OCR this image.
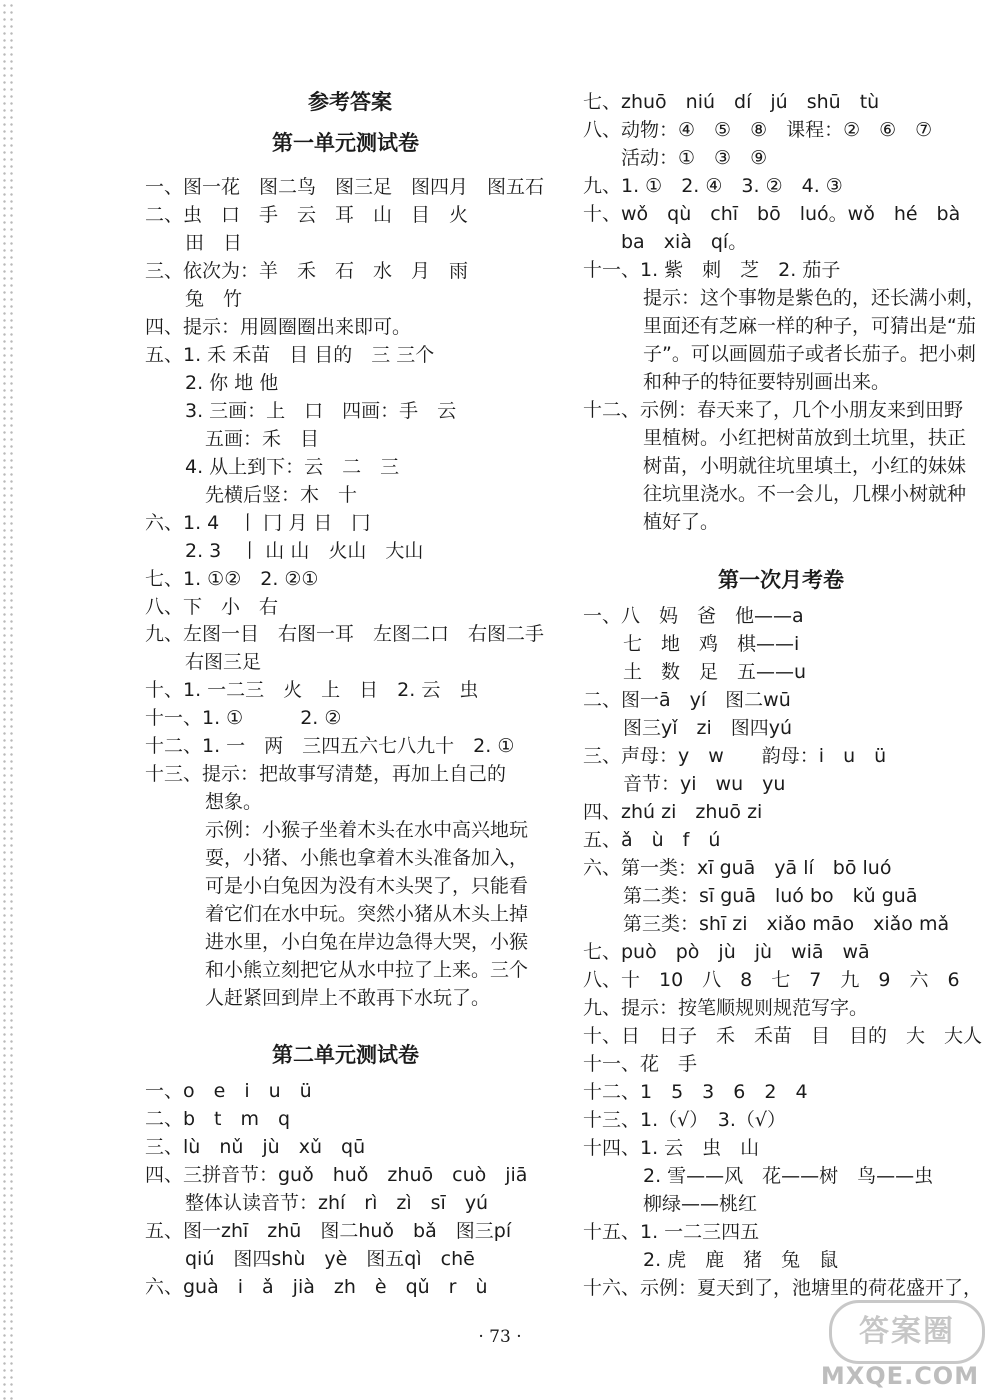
参考答案
第一单元测试卷
一、图一花　图二鸟　图三足　图四月　图五石
二、虫　口　手　云　耳　山　目　火
田　日
三、依次为：羊　禾　石　水　月　雨
兔　竹
四、提示：用圆圈圈出来即可。
五、1. 禾 禾苗　目 目的　三 三个
2. 你 地 他
3. 三画：上　口　四画：手　云
五画：禾　目
4. 从上到下：云　二　三
先横后竖：木　十
六、1. 4　丨 冂 月 日　冂
2. 3　丨 山 山　火山　大山
七、1. ①②　2. ②①
八、下　小　右
九、左图一目　右图一耳　左图二口　右图二手
右图三足
十、1. 一二三　火　上　日　2. 云　虫
十一、1. ①　　　2. ②
十二、1. 一　两　三四五六七八九十　2. ①
十三、提示：把故事写清楚，再加上自己的
想象。
示例：小猴子坐着木头在水中高兴地玩
耍，小猪、小熊也拿着木头准备加入，
可是小白兔因为没有木头哭了，只能看
着它们在水中玩。突然小猪从木头上掉
进水里，小白兔在岸边急得大哭，小猴
和小熊立刻把它从水中拉了上来。三个
人赶紧回到岸上不敢再下水玩了。
第二单元测试卷
一、o　e　i　u　ü
二、b　t　m　q
三、lù　nǔ　jù　xǔ　qū
四、三拼音节：guǒ　huǒ　zhuō　cuò　jiā
整体认读音节：zhí　rì　zì　sī　yú
五、图一zhī　zhū　图二huǒ　bǎ　图三pí
qiú　图四shù　yè　图五qì　chē
六、guà　i　ǎ　jià　zh　è　qǔ　r　ù
七、zhuō　niú　dí　jú　shū　tù
八、动物：④　⑤　⑧　课程：②　⑥　⑦
活动：①　③　⑨
九、1. ①　2. ④　3. ②　4. ③
十、wǒ　qù　chī　bō　luó。wǒ　hé　bà
ba　xià　qí。
十一、1. 紫　刺　芝　2. 茄子
提示：这个事物是紫色的，还长满小刺，
里面还有芝麻一样的种子，可猜出是“茄
子”。可以画圆茄子或者长茄子。把小刺
和种子的特征要特别画出来。
十二、示例：春天来了，几个小朋友来到田野
里植树。小红把树苗放到土坑里，扶正
树苗，小明就往坑里填土，小红的妹妹
往坑里浇水。不一会儿，几棵小树就种
植好了。
第一次月考卷
一、八　妈　爸　他——a
七　地　鸡　棋——i
土　数　足　五——u
二、图一ā　yí　图二wū
图三yǐ　zi　图四yú
三、声母：y　w　　韵母：i　u　ü
音节：yi　wu　yu
四、zhú zi　zhuō zi
五、ǎ　ù　f　ú
六、第一类：xī guā　yā lí　bō luó
第二类：sī guā　luó bo　kǔ guā
第三类：shī zi　xiǎo māo　xiǎo mǎ
七、può　pò　jù　jù　wiā　wā
八、十　10　八　8　七　7　九　9　六　6
九、提示：按笔顺规则规范写字。
十、日　日子　禾　禾苗　目　目的　大　大人
十一、花　手
十二、1　5　3　6　2　4
十三、1.（√）　3.（√）
十四、1. 云　虫　山
2. 雪——风　花——树　鸟——虫
柳绿——桃红
十五、1. 一二三四五
2. 虎　鹿　猪　兔　鼠
十六、示例：夏天到了，池塘里的荷花盛开了，
· 73 ·	答案圈
MXQE.COM
